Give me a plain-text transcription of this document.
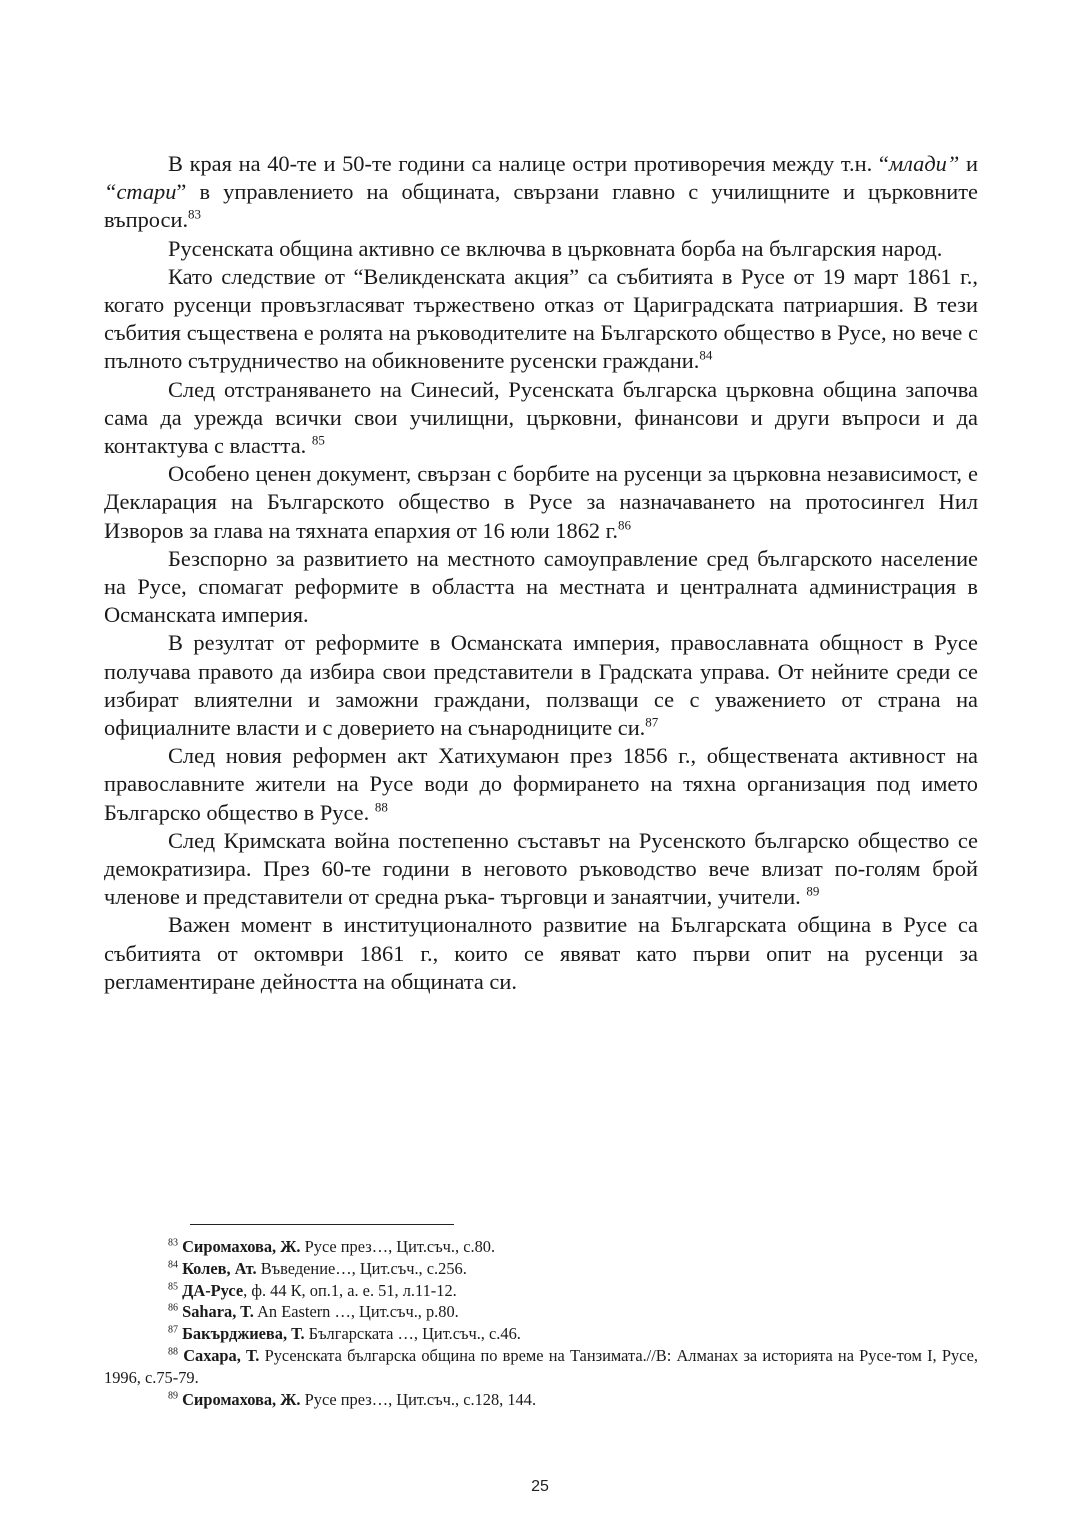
В края на 40-те и 50-те години са налице остри противоречия между т.н. “млади” и “стари” в управлението на общината, свързани главно с училищните и църковните въпроси.$^{83}$

Русенската община активно се включва в църковната борба на българския народ.

Като следствие от “Великденската акция” са събитията в Русе от 19 март 1861 г., когато русенци провъзгласяват тържествено отказ от Цариградската патриаршия. В тези събития съществена е ролята на ръководителите на Българското общество в Русе, но вече с пълното сътрудничество на обикновените русенски граждани.$^{84}$

След отстраняването на Синесий, Русенската българска църковна община започва сама да урежда всички свои училищни, църковни, финансови и други въпроси и да контактува с властта. $^{85}$

Особено ценен документ, свързан с борбите на русенци за църковна независимост, е Декларация на Българското общество в Русе за назначаването на протосингел Нил Изворов за глава на тяхната епархия от 16 юли 1862 г.$^{86}$

Безспорно за развитието на местното самоуправление сред българското население на Русе, спомагат реформите в областта на местната и централната администрация в Османската империя.

В резултат от реформите в Османската империя, православната общност в Русе получава правото да избира свои представители в Градската управа. От нейните среди се избират влиятелни и заможни граждани, ползващи се с уважението от страна на официалните власти и с доверието на сънародниците си.$^{87}$

След новия реформен акт Хатихумаюн през 1856 г., обществената активност на православните жители на Русе води до формирането на тяхна организация под името Българско общество в Русе. $^{88}$

След Кримската война постепенно съставът на Русенското българско общество се демократизира. През 60-те години в неговото ръководство вече влизат по-голям брой членове и представители от средна ръка- търговци и занаятчии, учители. $^{89}$

Важен момент в институционалното развитие на Българската община в Русе са събитията от октомври 1861 г., които се явяват като първи опит на русенци за регламентиране дейността на общината си.

$^{83}$ Сиромахова, Ж. Русе през…, Цит.съч., с.80.

$^{84}$ Колев, Ат. Въведение…, Цит.съч., с.256.

$^{85}$ ДА-Русе, ф. 44 К, оп.1, а. е. 51, л.11-12.

$^{86}$ Sahara, T. An Eastern …, Цит.съч., p.80.

$^{87}$ Бакърджиева, Т. Българската …, Цит.съч., с.46.

$^{88}$ Сахара, Т. Русенската българска община по време на Танзимата.//В: Алманах за историята на Русе-том I, Русе, 1996, с.75-79.

$^{89}$ Сиромахова, Ж. Русе през…, Цит.съч., с.128, 144.

25
